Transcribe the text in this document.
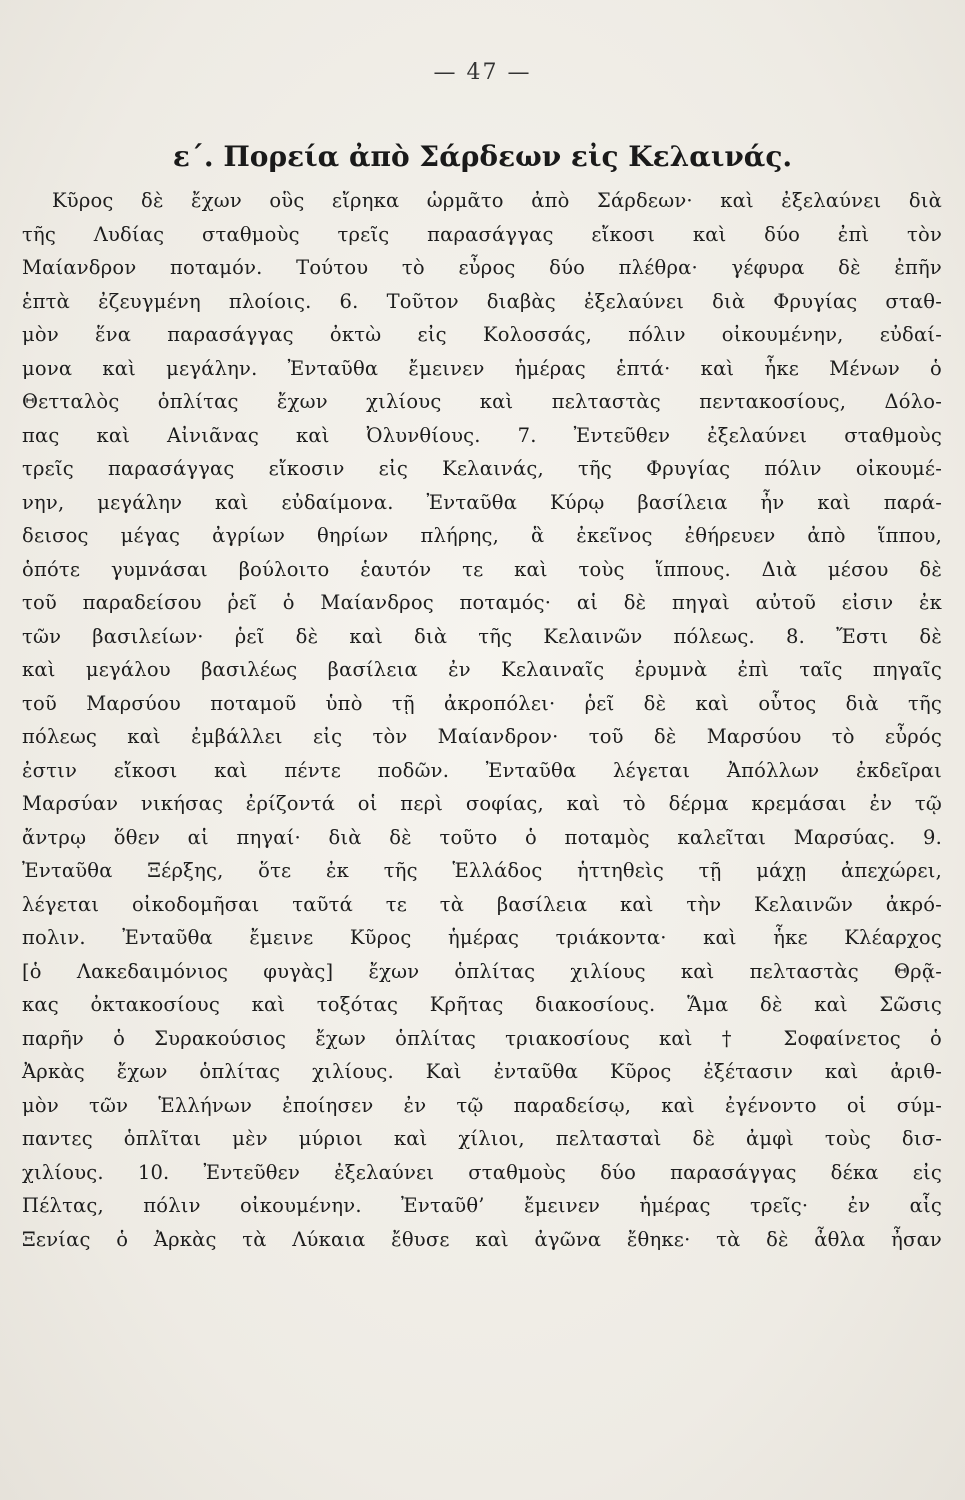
— 47 —
ε΄. Πορεία ἀπὸ Σάρδεων εἰς Κελαινάς.
Κῦρος δὲ ἔχων οὓς εἴρηκα ὡρμᾶτο ἀπὸ Σάρδεων· καὶ ἐξελαύνει διὰ
τῆς Λυδίας σταθμοὺς τρεῖς παρασάγγας εἴκοσι καὶ δύο ἐπὶ τὸν
Μαίανδρον ποταμόν. Τούτου τὸ εὖρος δύο πλέθρα· γέφυρα δὲ ἐπῆν
ἑπτὰ ἐζευγμένη πλοίοις. 6. Τοῦτον διαβὰς ἐξελαύνει διὰ Φρυγίας σταθ-
μὸν ἕνα παρασάγγας ὀκτὼ εἰς Κολοσσάς, πόλιν οἰκουμένην, εὐδαί-
μονα καὶ μεγάλην. Ἐνταῦθα ἔμεινεν ἡμέρας ἑπτά· καὶ ἧκε Μένων ὁ
Θετταλὸς ὁπλίτας ἔχων χιλίους καὶ πελταστὰς πεντακοσίους, Δόλο-
πας καὶ Αἰνιᾶνας καὶ Ὀλυνθίους. 7. Ἐντεῦθεν ἐξελαύνει σταθμοὺς
τρεῖς παρασάγγας εἴκοσιν εἰς Κελαινάς, τῆς Φρυγίας πόλιν οἰκουμέ-
νην, μεγάλην καὶ εὐδαίμονα. Ἐνταῦθα Κύρῳ βασίλεια ἦν καὶ παρά-
δεισος μέγας ἀγρίων θηρίων πλήρης, ἃ ἐκεῖνος ἐθήρευεν ἀπὸ ἵππου,
ὁπότε γυμνάσαι βούλοιτο ἑαυτόν τε καὶ τοὺς ἵππους. Διὰ μέσου δὲ
τοῦ παραδείσου ῥεῖ ὁ Μαίανδρος ποταμός· αἱ δὲ πηγαὶ αὐτοῦ εἰσιν ἐκ
τῶν βασιλείων· ῥεῖ δὲ καὶ διὰ τῆς Κελαινῶν πόλεως. 8. Ἔστι δὲ
καὶ μεγάλου βασιλέως βασίλεια ἐν Κελαιναῖς ἐρυμνὰ ἐπὶ ταῖς πηγαῖς
τοῦ Μαρσύου ποταμοῦ ὑπὸ τῇ ἀκροπόλει· ῥεῖ δὲ καὶ οὗτος διὰ τῆς
πόλεως καὶ ἐμβάλλει εἰς τὸν Μαίανδρον· τοῦ δὲ Μαρσύου τὸ εὖρός
ἐστιν εἴκοσι καὶ πέντε ποδῶν. Ἐνταῦθα λέγεται Ἀπόλλων ἐκδεῖραι
Μαρσύαν νικήσας ἐρίζοντά οἱ περὶ σοφίας, καὶ τὸ δέρμα κρεμάσαι ἐν τῷ
ἄντρῳ ὅθεν αἱ πηγαί· διὰ δὲ τοῦτο ὁ ποταμὸς καλεῖται Μαρσύας. 9.
Ἐνταῦθα Ξέρξης, ὅτε ἐκ τῆς Ἑλλάδος ἡττηθεὶς τῇ μάχῃ ἀπεχώρει,
λέγεται οἰκοδομῆσαι ταῦτά τε τὰ βασίλεια καὶ τὴν Κελαινῶν ἀκρό-
πολιν. Ἐνταῦθα ἔμεινε Κῦρος ἡμέρας τριάκοντα· καὶ ἧκε Κλέαρχος
[ὁ Λακεδαιμόνιος φυγὰς] ἔχων ὁπλίτας χιλίους καὶ πελταστὰς Θρᾷ-
κας ὀκτακοσίους καὶ τοξότας Κρῆτας διακοσίους. Ἅμα δὲ καὶ Σῶσις
παρῆν ὁ Συρακούσιος ἔχων ὁπλίτας τριακοσίους καὶ † Σοφαίνετος ὁ
Ἀρκὰς ἔχων ὁπλίτας χιλίους. Καὶ ἐνταῦθα Κῦρος ἐξέτασιν καὶ ἀριθ-
μὸν τῶν Ἑλλήνων ἐποίησεν ἐν τῷ παραδείσῳ, καὶ ἐγένοντο οἱ σύμ-
παντες ὁπλῖται μὲν μύριοι καὶ χίλιοι, πελτασταὶ δὲ ἀμφὶ τοὺς δισ-
χιλίους. 10. Ἐντεῦθεν ἐξελαύνει σταθμοὺς δύο παρασάγγας δέκα εἰς
Πέλτας, πόλιν οἰκουμένην. Ἐνταῦθ’ ἔμεινεν ἡμέρας τρεῖς· ἐν αἷς
Ξενίας ὁ Ἀρκὰς τὰ Λύκαια ἔθυσε καὶ ἀγῶνα ἔθηκε· τὰ δὲ ἆθλα ἦσαν
